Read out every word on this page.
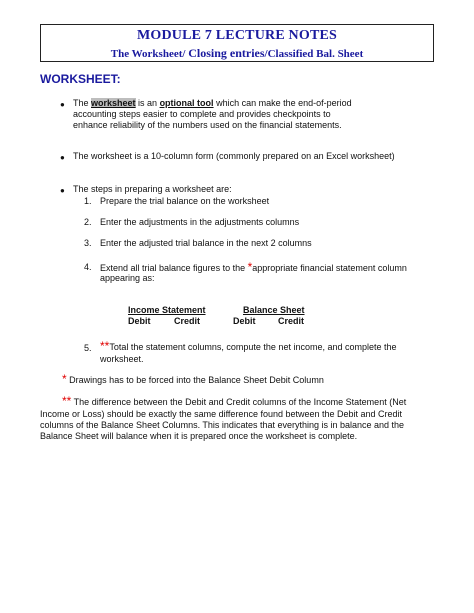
MODULE 7 LECTURE NOTES
The Worksheet/ Closing entries/Classified Bal. Sheet
WORKSHEET:
● The worksheet is an optional tool which can make the end-of-period
accounting steps easier to complete and provides checkpoints to
enhance reliability of the numbers used on the financial statements.
● The worksheet is a 10-column form (commonly prepared on an Excel worksheet)
● The steps in preparing a worksheet are:
1. Prepare the trial balance on the worksheet
2. Enter the adjustments in the adjustments columns
3. Enter the adjusted trial balance in the next 2 columns
4. Extend all trial balance figures to the *appropriate financial statement column
appearing as:
Income Statement	Balance Sheet
Debit	Credit	Debit	Credit
5. **Total the statement columns, compute the net income, and complete the
worksheet.
* Drawings has to be forced into the Balance Sheet Debit Column
** The difference between the Debit and Credit columns of the Income Statement (Net
Income or Loss) should be exactly the same difference found between the Debit and Credit
columns of the Balance Sheet Columns. This indicates that everything is in balance and the
Balance Sheet will balance when it is prepared once the worksheet is complete.
